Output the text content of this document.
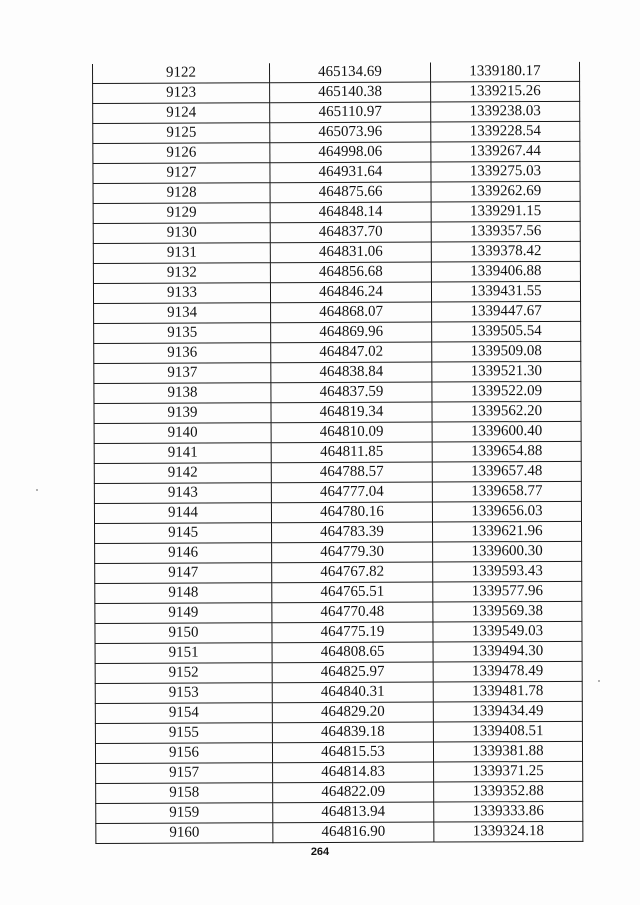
9122	465134.69	1339180.17
9123	465140.38	1339215.26
9124	465110.97	1339238.03
9125	465073.96	1339228.54
9126	464998.06	1339267.44
9127	464931.64	1339275.03
9128	464875.66	1339262.69
9129	464848.14	1339291.15
9130	464837.70	1339357.56
9131	464831.06	1339378.42
9132	464856.68	1339406.88
9133	464846.24	1339431.55
9134	464868.07	1339447.67
9135	464869.96	1339505.54
9136	464847.02	1339509.08
9137	464838.84	1339521.30
9138	464837.59	1339522.09
9139	464819.34	1339562.20
9140	464810.09	1339600.40
9141	464811.85	1339654.88
9142	464788.57	1339657.48
9143	464777.04	1339658.77
9144	464780.16	1339656.03
9145	464783.39	1339621.96
9146	464779.30	1339600.30
9147	464767.82	1339593.43
9148	464765.51	1339577.96
9149	464770.48	1339569.38
9150	464775.19	1339549.03
9151	464808.65	1339494.30
9152	464825.97	1339478.49
9153	464840.31	1339481.78
9154	464829.20	1339434.49
9155	464839.18	1339408.51
9156	464815.53	1339381.88
9157	464814.83	1339371.25
9158	464822.09	1339352.88
9159	464813.94	1339333.86
9160	464816.90	1339324.18
264
